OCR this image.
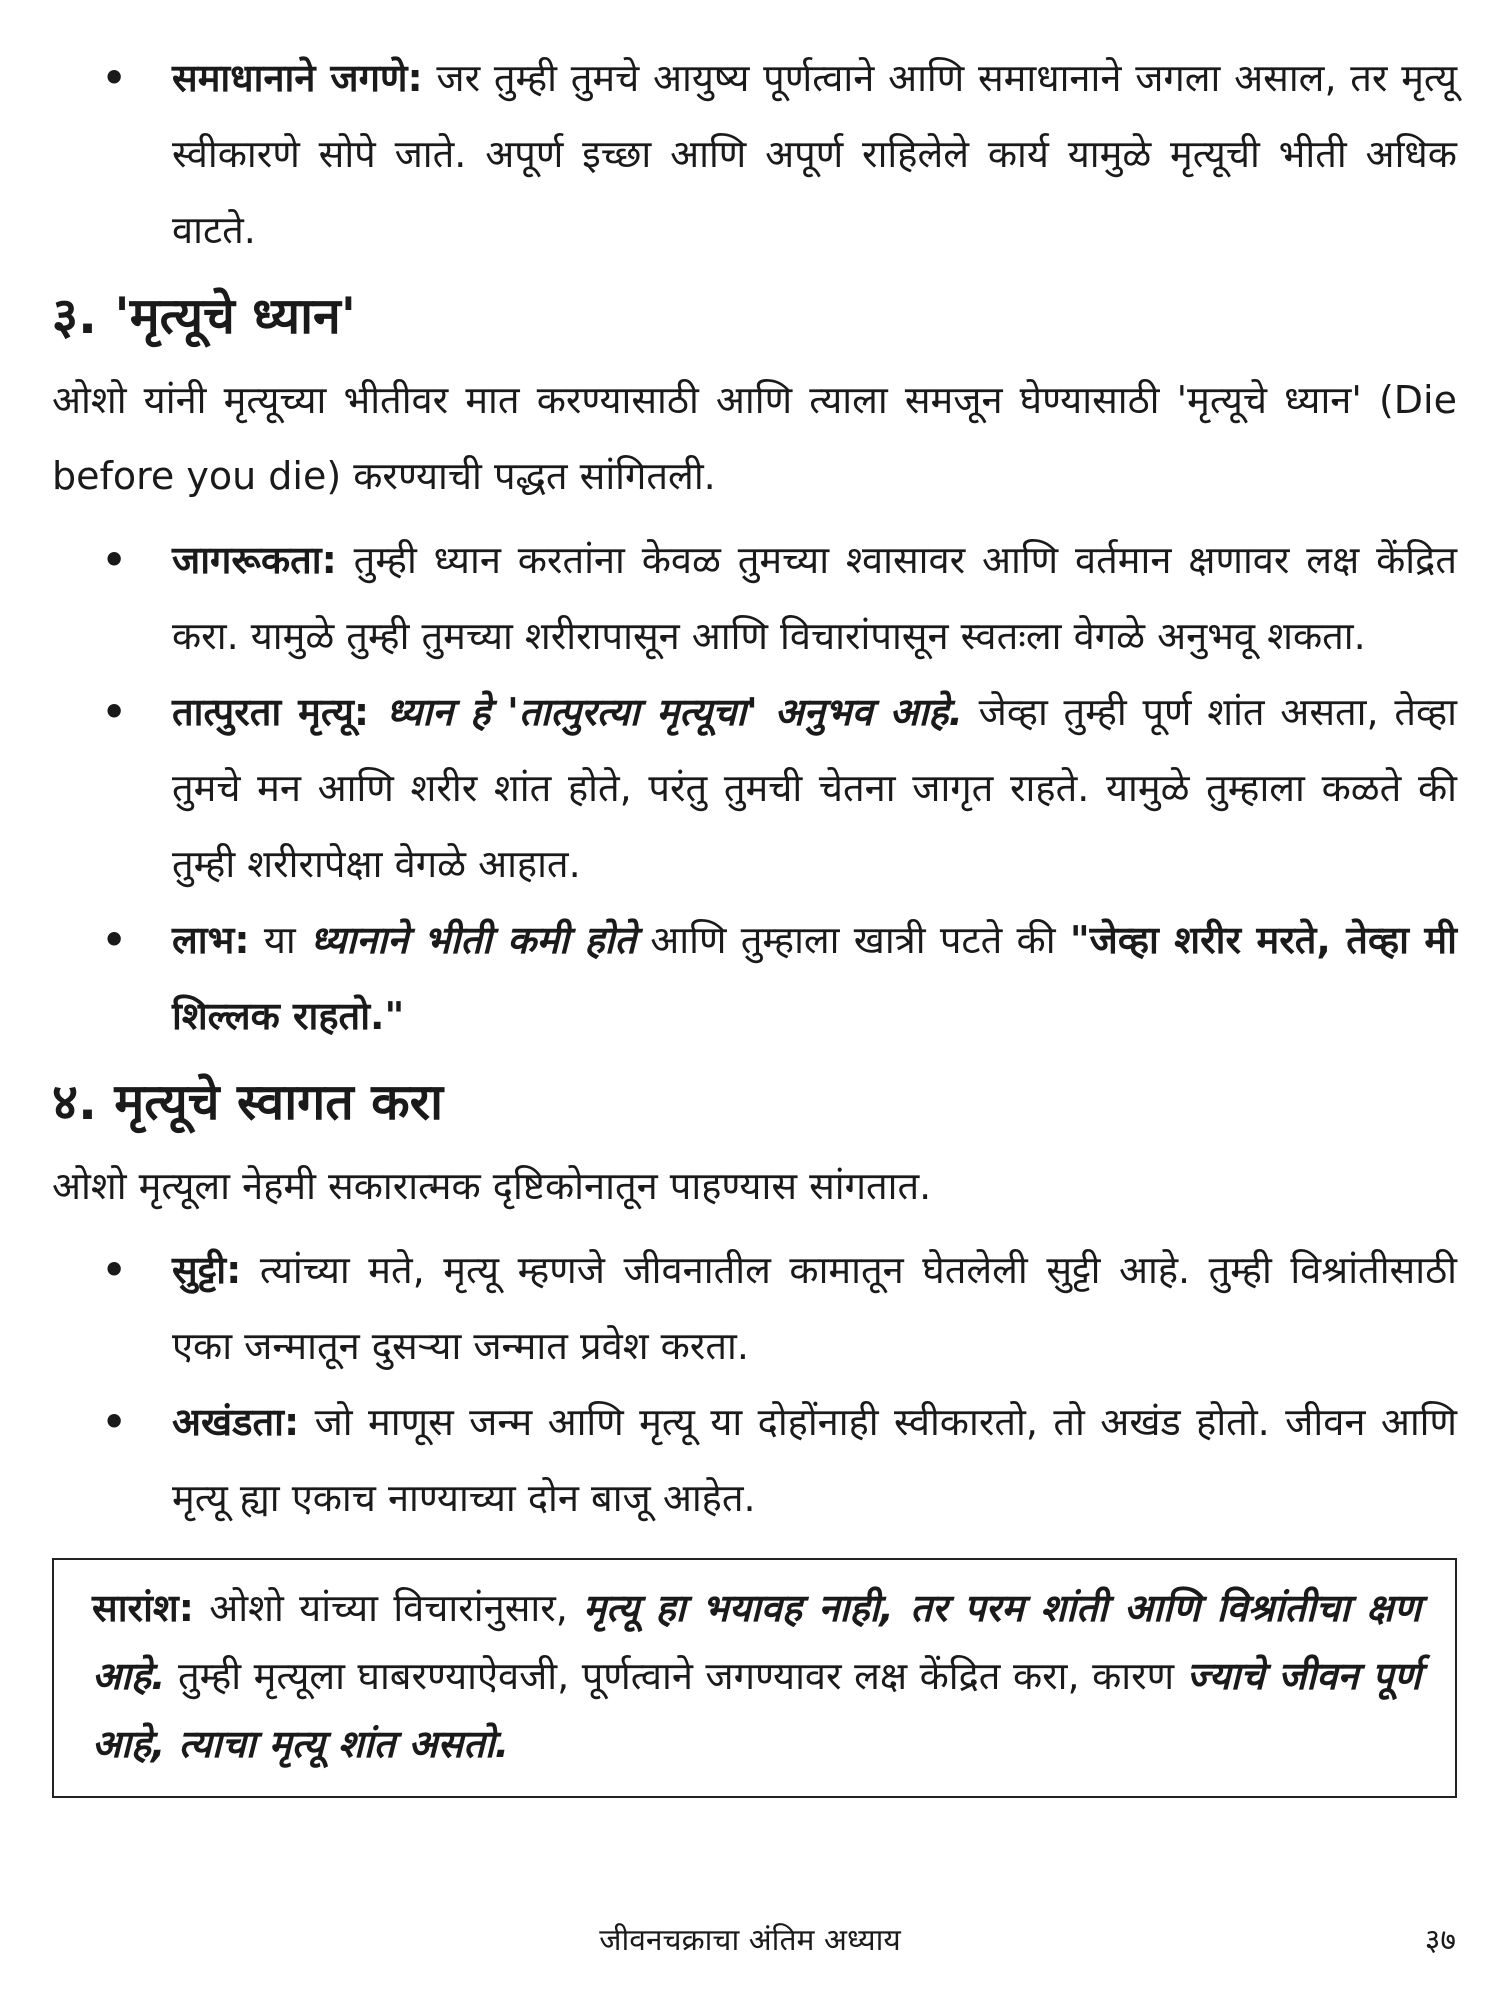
• समाधानाने जगणे: जर तुम्ही तुमचे आयुष्य पूर्णत्वाने आणि समाधानाने जगला असाल, तर मृत्यू स्वीकारणे सोपे जाते. अपूर्ण इच्छा आणि अपूर्ण राहिलेले कार्य यामुळे मृत्यूची भीती अधिक वाटते.
३. 'मृत्यूचे ध्यान'

ओशो यांनी मृत्यूच्या भीतीवर मात करण्यासाठी आणि त्याला समजून घेण्यासाठी 'मृत्यूचे ध्यान' (Die before you die) करण्याची पद्धत सांगितली.

• जागरूकता: तुम्ही ध्यान करतांना केवळ तुमच्या श्वासावर आणि वर्तमान क्षणावर लक्ष केंद्रित करा. यामुळे तुम्ही तुमच्या शरीरापासून आणि विचारांपासून स्वतःला वेगळे अनुभवू शकता.
• तात्पुरता मृत्यू: ध्यान हे 'तात्पुरत्या मृत्यूचा' अनुभव आहे. जेव्हा तुम्ही पूर्ण शांत असता, तेव्हा तुमचे मन आणि शरीर शांत होते, परंतु तुमची चेतना जागृत राहते. यामुळे तुम्हाला कळते की तुम्ही शरीरापेक्षा वेगळे आहात.
• लाभ: या ध्यानाने भीती कमी होते आणि तुम्हाला खात्री पटते की "जेव्हा शरीर मरते, तेव्हा मी शिल्लक राहतो."
४. मृत्यूचे स्वागत करा

ओशो मृत्यूला नेहमी सकारात्मक दृष्टिकोनातून पाहण्यास सांगतात.

• सुट्टी: त्यांच्या मते, मृत्यू म्हणजे जीवनातील कामातून घेतलेली सुट्टी आहे. तुम्ही विश्रांतीसाठी एका जन्मातून दुसऱ्या जन्मात प्रवेश करता.
• अखंडता: जो माणूस जन्म आणि मृत्यू या दोहोंनाही स्वीकारतो, तो अखंड होतो. जीवन आणि मृत्यू ह्या एकाच नाण्याच्या दोन बाजू आहेत.
सारांश: ओशो यांच्या विचारांनुसार, मृत्यू हा भयावह नाही, तर परम शांती आणि विश्रांतीचा क्षण आहे. तुम्ही मृत्यूला घाबरण्याऐवजी, पूर्णत्वाने जगण्यावर लक्ष केंद्रित करा, कारण ज्याचे जीवन पूर्ण आहे, त्याचा मृत्यू शांत असतो.
जीवनचक्राचा अंतिम अध्याय	३७
